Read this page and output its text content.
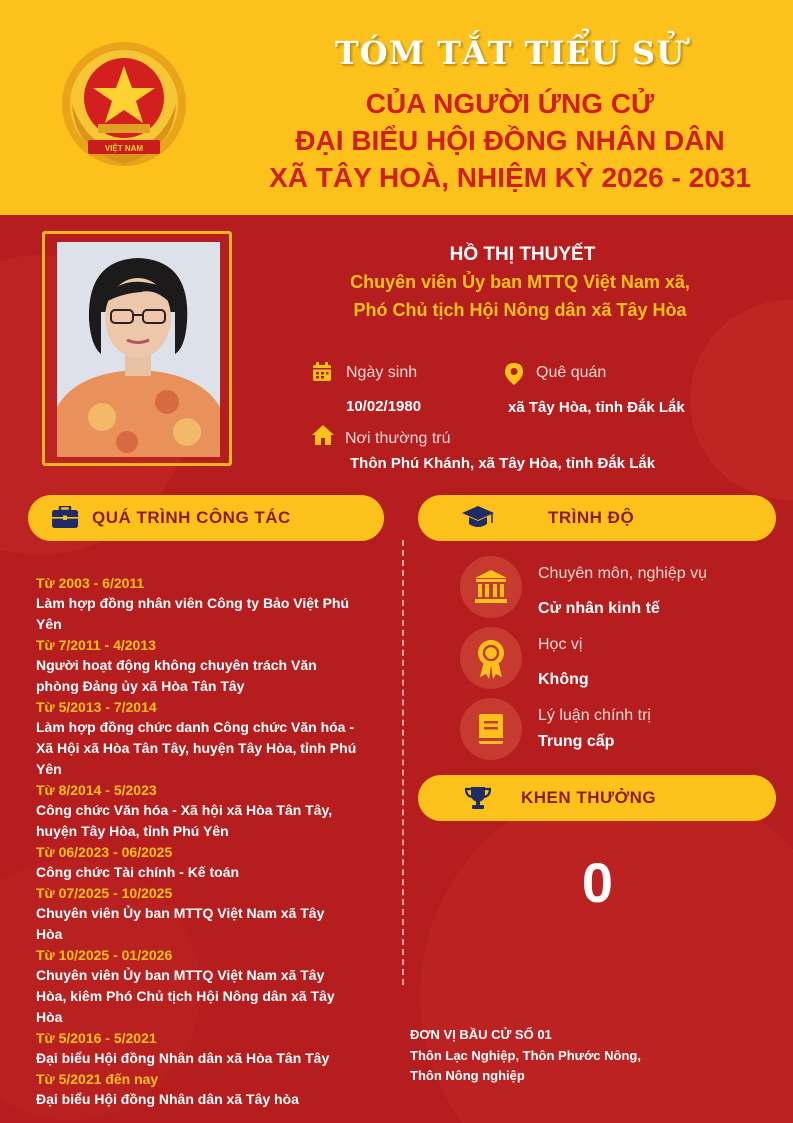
VIỆT NAM
TÓM TẮT TIỂU SỬ
CỦA NGƯỜI ỨNG CỬ
ĐẠI BIỂU HỘI ĐỒNG NHÂN DÂN
XÃ TÂY HOÀ, NHIỆM KỲ 2026 - 2031
HỒ THỊ THUYẾT
Chuyên viên Ủy ban MTTQ Việt Nam xã,
Phó Chủ tịch Hội Nông dân xã Tây Hòa
Ngày sinh
10/02/1980
Quê quán
xã Tây Hòa, tỉnh Đắk Lắk
Nơi thường trú
Thôn Phú Khánh, xã Tây Hòa, tỉnh Đắk Lắk
QUÁ TRÌNH CÔNG TÁC	TRÌNH ĐỘ
Từ 2003 - 6/2011
Làm hợp đồng nhân viên Công ty Bảo Việt Phú
Yên
Từ 7/2011 - 4/2013
Người hoạt động không chuyên trách Văn
phòng Đảng ủy xã Hòa Tân Tây
Từ 5/2013 - 7/2014
Làm hợp đồng chức danh Công chức Văn hóa -
Xã Hội xã Hòa Tân Tây, huyện Tây Hòa, tỉnh Phú
Yên
Từ 8/2014 - 5/2023
Công chức Văn hóa - Xã hội xã Hòa Tân Tây,
huyện Tây Hòa, tỉnh Phú Yên
Từ 06/2023 - 06/2025
Công chức Tài chính - Kế toán
Từ 07/2025 - 10/2025
Chuyên viên Ủy ban MTTQ Việt Nam xã Tây
Hòa
Từ 10/2025 - 01/2026
Chuyên viên Ủy ban MTTQ Việt Nam xã Tây
Hòa, kiêm Phó Chủ tịch Hội Nông dân xã Tây
Hòa
Từ 5/2016 - 5/2021
Đại biểu Hội đồng Nhân dân xã Hòa Tân Tây
Từ 5/2021 đến nay
Đại biểu Hội đồng Nhân dân xã Tây hòa
Chuyên môn, nghiệp vụ
Cử nhân kinh tế
Học vị
Không
Lý luận chính trị
Trung cấp
KHEN THƯỞNG
0
ĐƠN VỊ BẦU CỬ SỐ 01
Thôn Lạc Nghiệp, Thôn Phước Nông,
Thôn Nông nghiệp
